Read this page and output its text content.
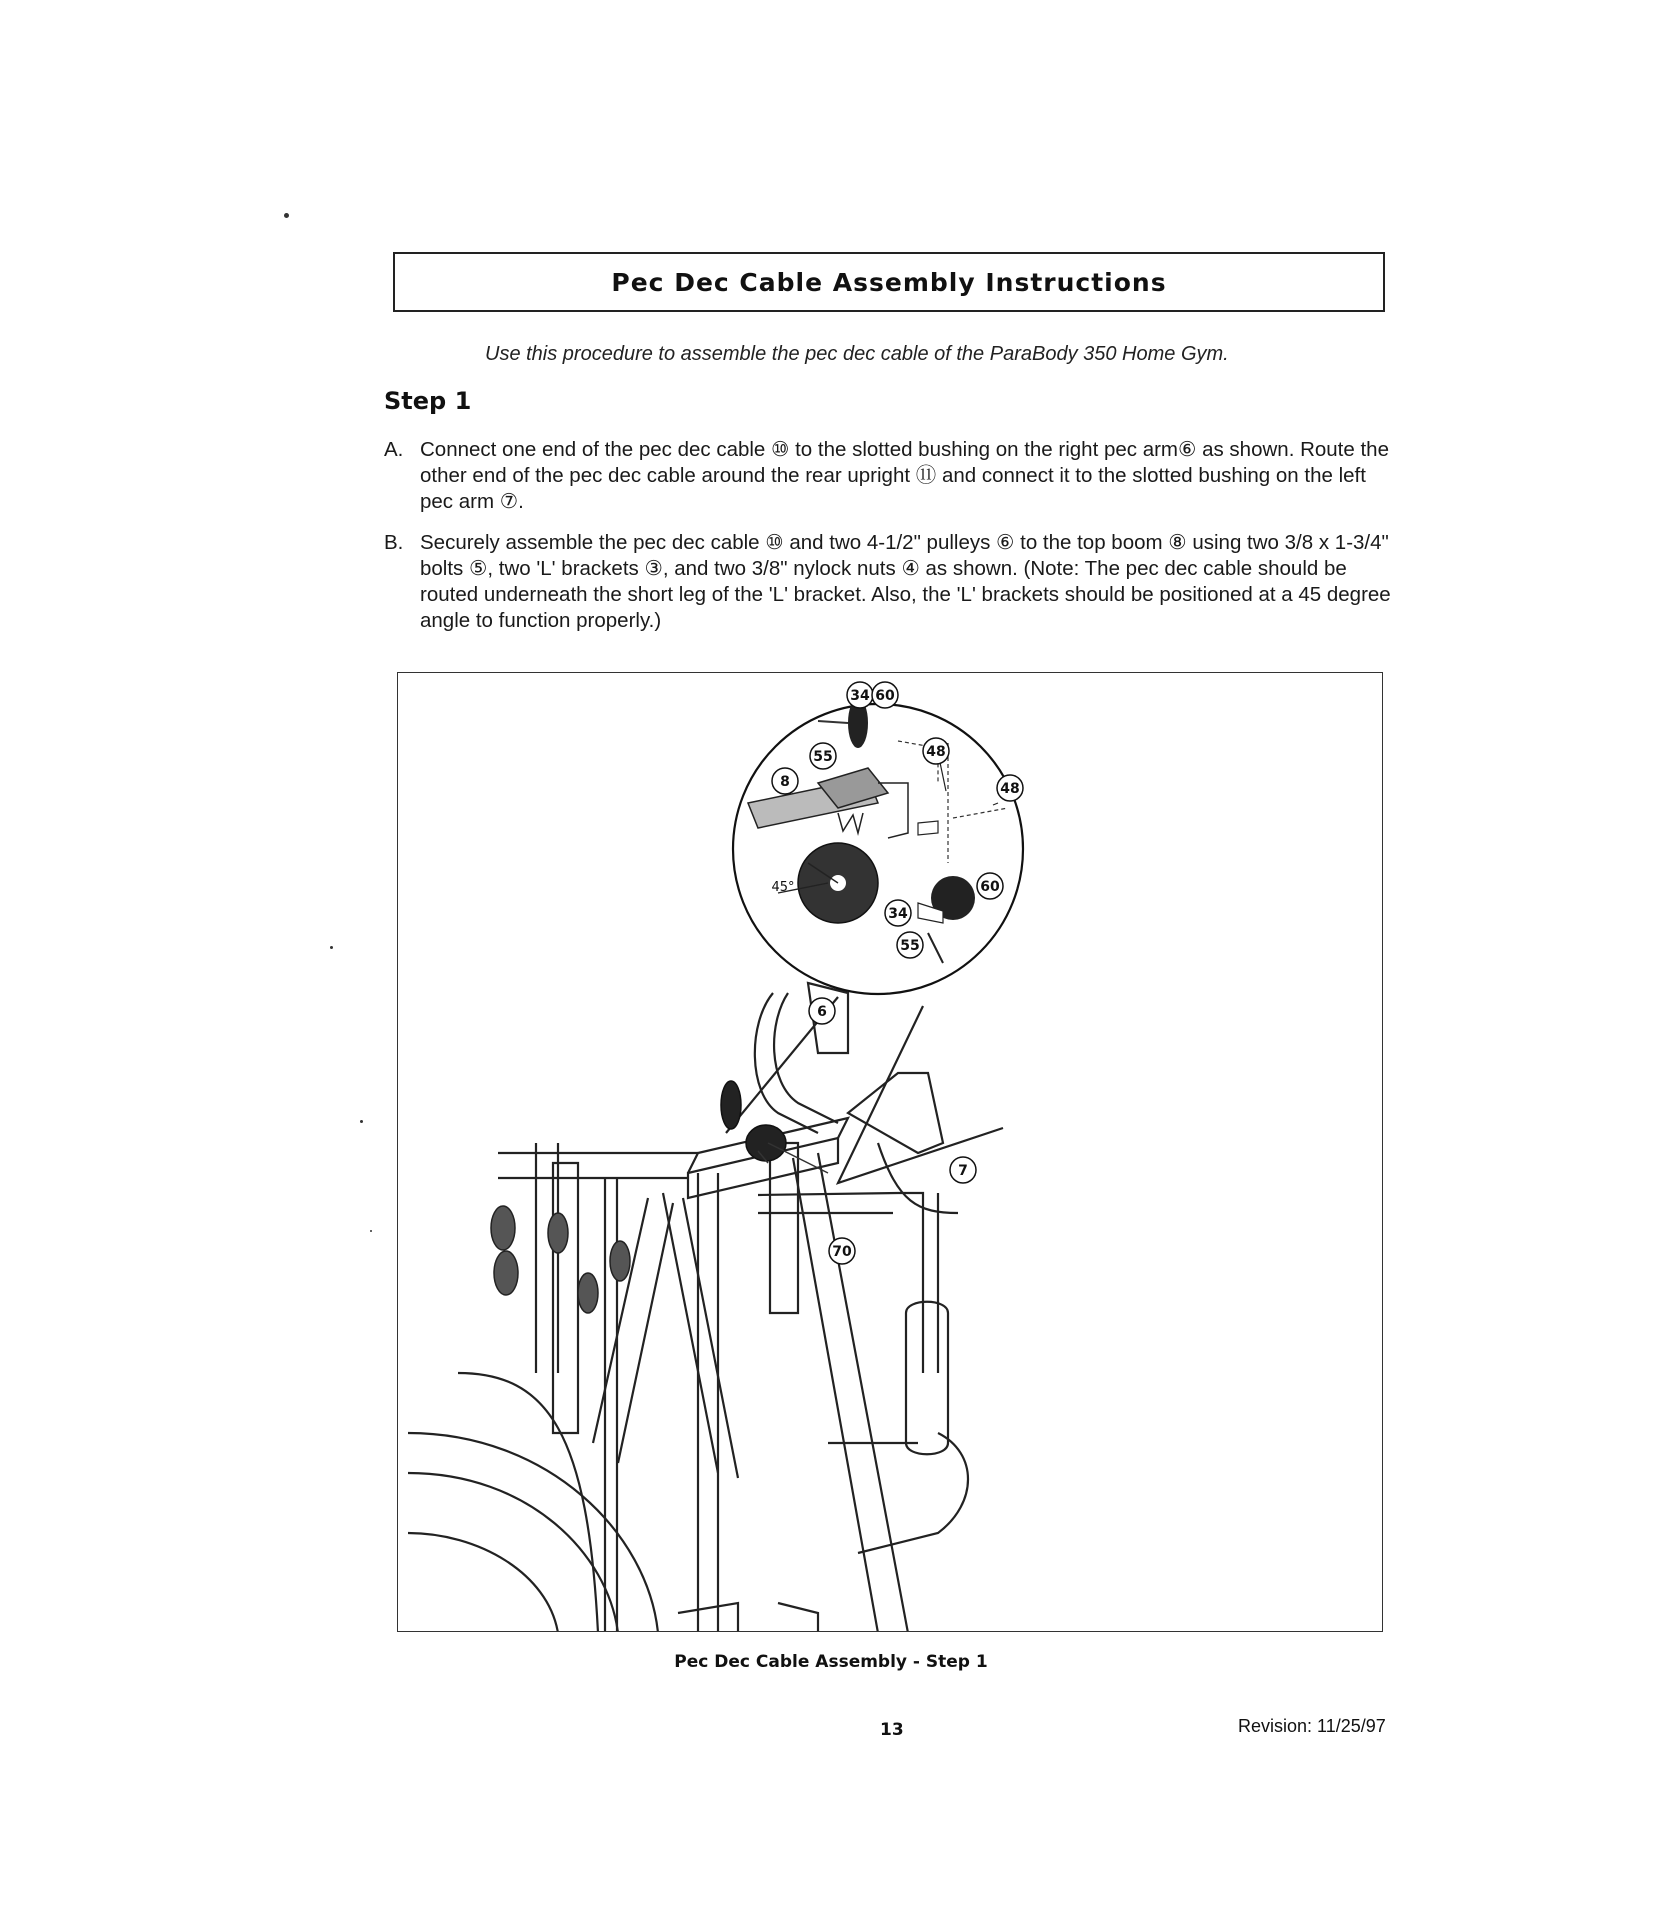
Pec Dec Cable Assembly Instructions
Use this procedure to assemble the pec dec cable of the ParaBody 350 Home Gym.
Step 1
A. Connect one end of the pec dec cable ⑩ to the slotted bushing on the right pec arm⑥ as shown. Route the other end of the pec dec cable around the rear upright ⑪ and connect it to the slotted bushing on the left pec arm ⑦.
B. Securely assemble the pec dec cable ⑩ and two 4-1/2" pulleys ⑥ to the top boom ⑧ using two 3/8 x 1-3/4" bolts ⑤, two 'L' brackets ③, and two 3/8" nylock nuts ④ as shown. (Note: The pec dec cable should be routed underneath the short leg of the 'L' bracket. Also, the 'L' brackets should be positioned at a 45 degree angle to function properly.)
34 60
55
8
48
48
60
34
55
6
7
70
45°
Pec Dec Cable Assembly - Step 1
13	Revision: 11/25/97
